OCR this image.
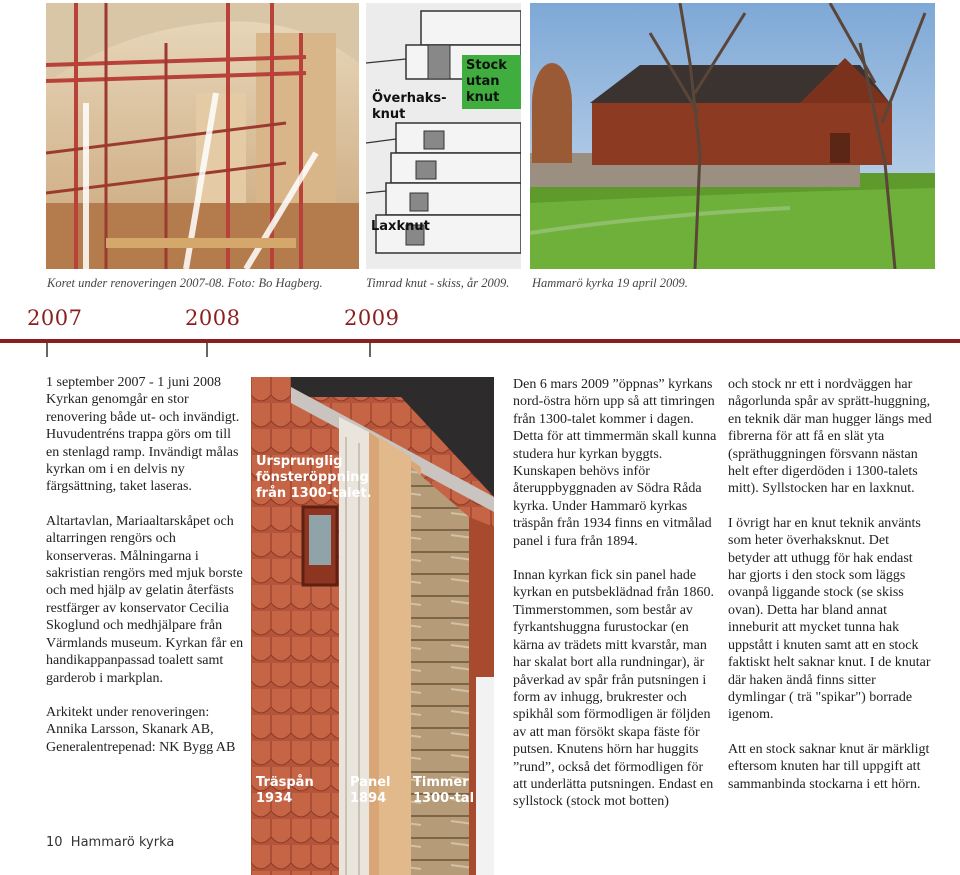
Koret under renoveringen 2007-08. Foto: Bo Hagberg.
Stock
utan
knut
Överhaks-
knut
Laxknut
Timrad knut - skiss, år 2009. Hammarö kyrka 19 april 2009.
2007	2008	2009

1 september 2007 - 1 juni 2008 Kyrkan genomgår en stor renovering både ut- och invändigt. Huvudentréns trappa görs om till en stenlagd ramp. Invändigt målas kyrkan om i en delvis ny färgsättning, taket laseras.

Altartavlan, Mariaaltarskåpet och altarringen rengörs och konserveras. Målningarna i sakristian rengörs med mjuk borste och med hjälp av gelatin återfästs restfärger av konservator Cecilia Skoglund och medhjälpare från Värmlands museum. Kyrkan får en handikappanpassad toalett samt garderob i markplan.

Arkitekt under renoveringen: Annika Larsson, Skanark AB, Generalentrepenad: NK Bygg AB

Ursprunglig
fönsteröppning
från 1300-talet.
Träspån
1934
Panel
1894
Timmer
1300-tal

Den 6 mars 2009 ”öppnas” kyrkans nord-östra hörn upp så att timringen från 1300-talet kommer i dagen. Detta för att timmermän skall kunna studera hur kyrkan byggts. Kunskapen behövs inför återuppbyggnaden av Södra Råda kyrka. Under Hammarö kyrkas träspån från 1934 finns en vitmålad panel i fura från 1894.

Innan kyrkan fick sin panel hade kyrkan en putsbeklädnad från 1860. Timmerstommen, som består av fyrkantshuggna furustockar (en kärna av trädets mitt kvarstår, man har skalat bort alla rundningar), är påverkad av spår från putsningen i form av inhugg, brukrester och spikhål som förmodligen är följden av att man försökt skapa fäste för putsen. Knutens hörn har huggits ”rund”, också det förmodligen för att underlätta putsningen. Endast en syllstock (stock mot botten)

och stock nr ett i nordväggen har någorlunda spår av sprätt-huggning, en teknik där man hugger längs med fibrerna för att få en slät yta (spräthuggningen försvann nästan helt efter digerdöden i 1300-talets mitt). Syllstocken har en laxknut.

I övrigt har en knut teknik använts som heter överhaksknut. Det betyder att uthugg för hak endast har gjorts i den stock som läggs ovanpå liggande stock (se skiss ovan). Detta har bland annat inneburit att mycket tunna hak uppstått i knuten samt att en stock faktiskt helt saknar knut. I de knutar där haken ändå finns sitter dymlingar ( trä "spikar") borrade igenom.

Att en stock saknar knut är märkligt eftersom knuten har till uppgift att sammanbinda stockarna i ett hörn.

10  Hammarö kyrka
